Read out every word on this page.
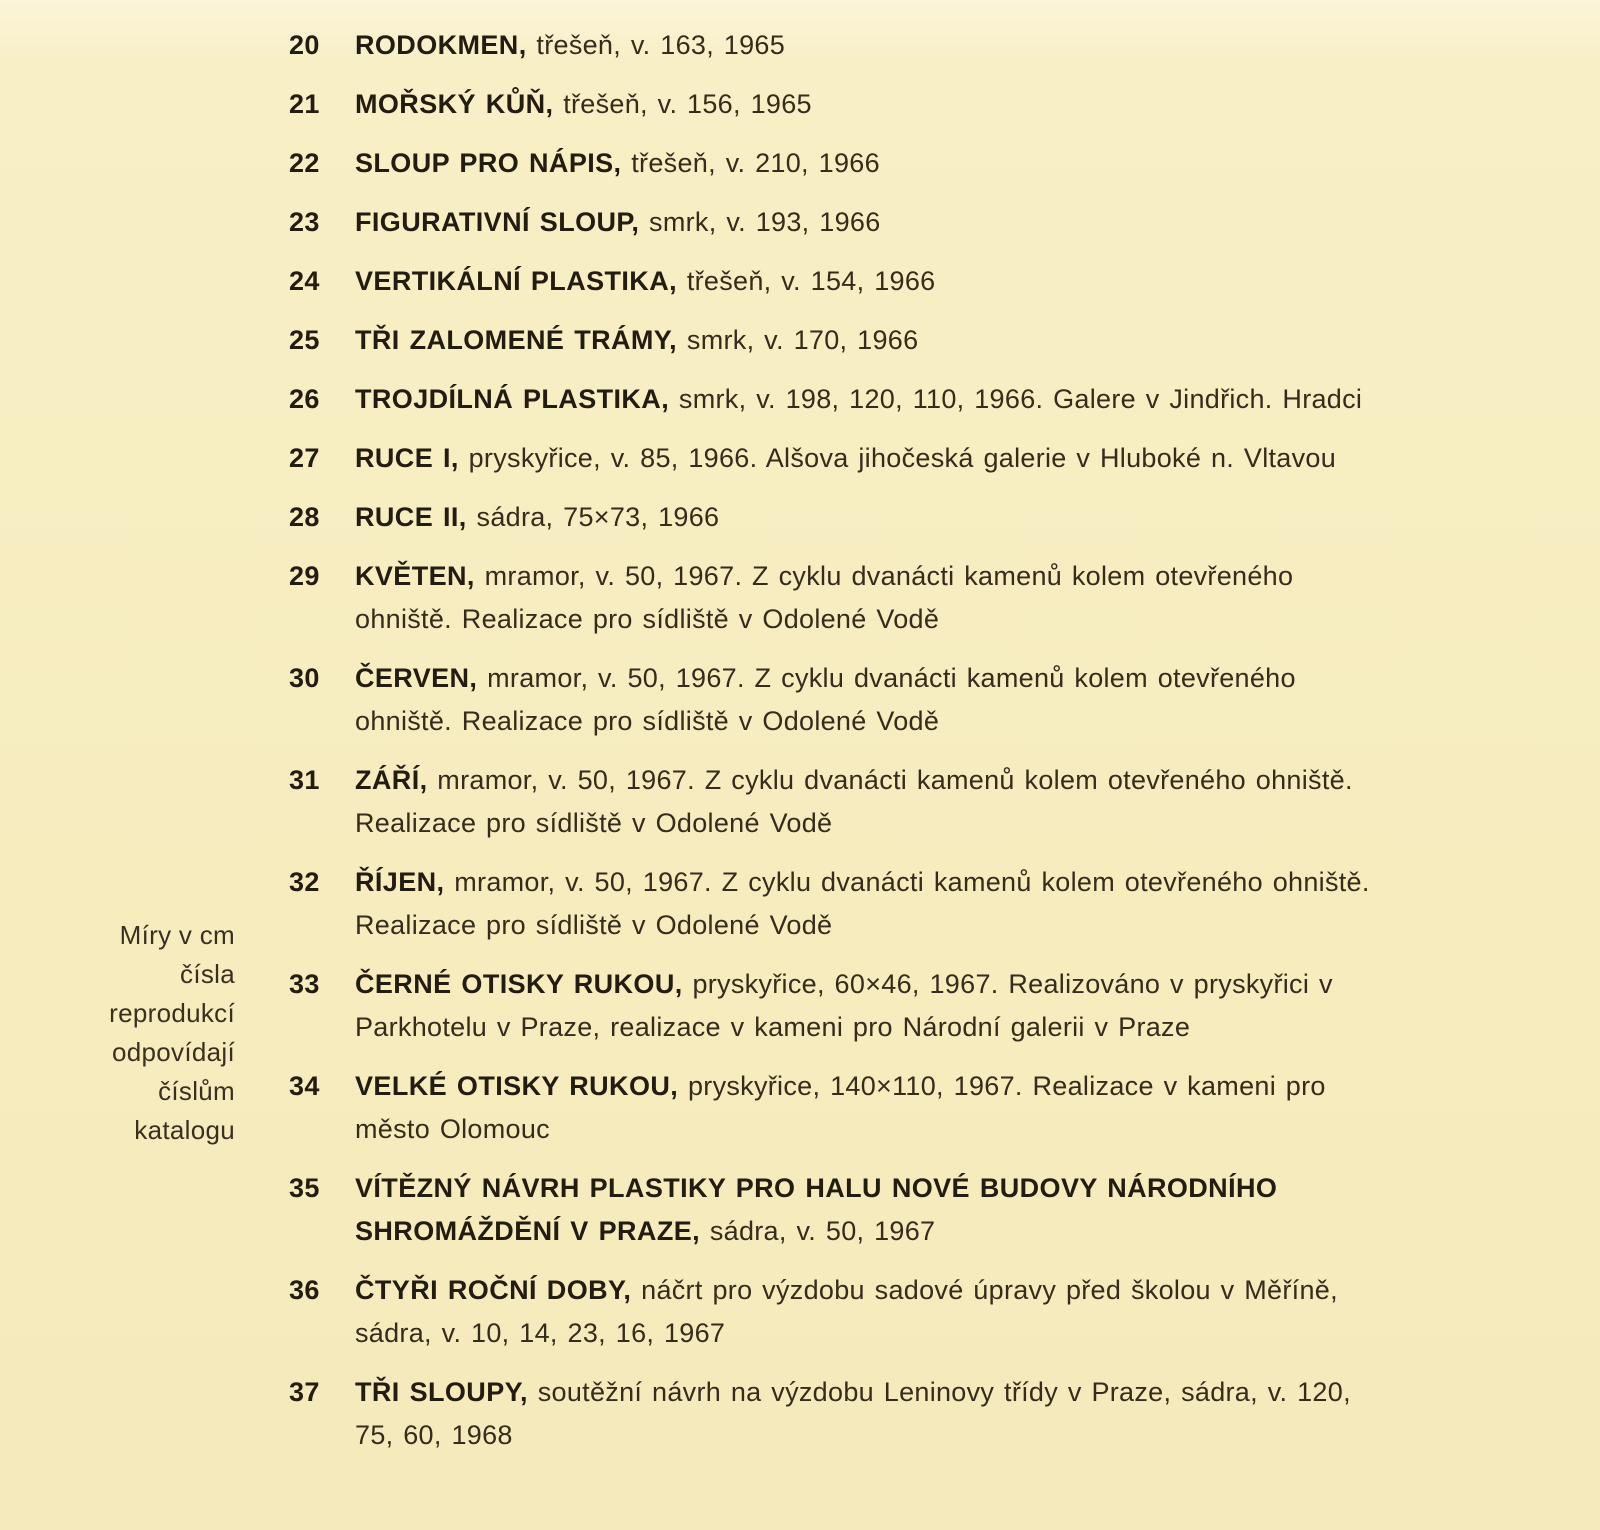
Míry v cm
čísla
reprodukcí
odpovídají
číslům
katalogu
20	RODOKMEN, třešeň, v. 163, 1965
21	MOŘSKÝ KŮŇ, třešeň, v. 156, 1965
22	SLOUP PRO NÁPIS, třešeň, v. 210, 1966
23	FIGURATIVNÍ SLOUP, smrk, v. 193, 1966
24	VERTIKÁLNÍ PLASTIKA, třešeň, v. 154, 1966
25	TŘI ZALOMENÉ TRÁMY, smrk, v. 170, 1966
26	TROJDÍLNÁ PLASTIKA, smrk, v. 198, 120, 110, 1966. Galere v Jindřich. Hradci
27	RUCE I, pryskyřice, v. 85, 1966. Alšova jihočeská galerie v Hluboké n. Vltavou
28	RUCE II, sádra, 75×73, 1966
29	KVĚTEN, mramor, v. 50, 1967. Z cyklu dvanácti kamenů kolem otevřeného ohniště. Realizace pro sídliště v Odolené Vodě
30	ČERVEN, mramor, v. 50, 1967. Z cyklu dvanácti kamenů kolem otevřeného ohniště. Realizace pro sídliště v Odolené Vodě
31	ZÁŘÍ, mramor, v. 50, 1967. Z cyklu dvanácti kamenů kolem otevřeného ohniště. Realizace pro sídliště v Odolené Vodě
32	ŘÍJEN, mramor, v. 50, 1967. Z cyklu dvanácti kamenů kolem otevřeného ohniště. Realizace pro sídliště v Odolené Vodě
33	ČERNÉ OTISKY RUKOU, pryskyřice, 60×46, 1967. Realizováno v pryskyřici v Parkhotelu v Praze, realizace v kameni pro Národní galerii v Praze
34	VELKÉ OTISKY RUKOU, pryskyřice, 140×110, 1967. Realizace v kameni pro město Olomouc
35	VÍTĚZNÝ NÁVRH PLASTIKY PRO HALU NOVÉ BUDOVY NÁRODNÍHO SHROMÁŽDĚNÍ V PRAZE, sádra, v. 50, 1967
36	ČTYŘI ROČNÍ DOBY, náčrt pro výzdobu sadové úpravy před školou v Měříně, sádra, v. 10, 14, 23, 16, 1967
37	TŘI SLOUPY, soutěžní návrh na výzdobu Leninovy třídy v Praze, sádra, v. 120, 75, 60, 1968
